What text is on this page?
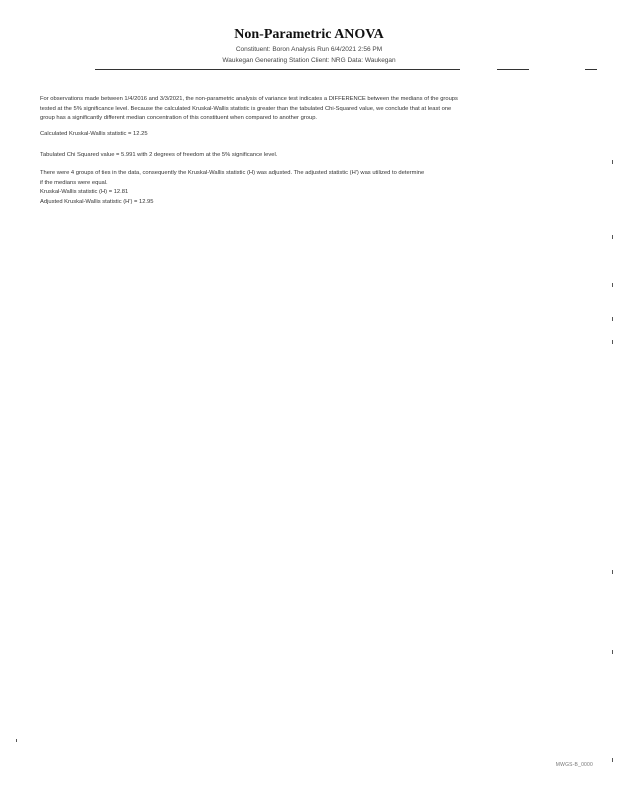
Non-Parametric ANOVA
Constituent: Boron Analysis Run 6/4/2021 2:56 PM
Waukegan Generating Station Client: NRG Data: Waukegan
For observations made between 1/4/2016 and 3/3/2021, the non-parametric analysis of variance test indicates a DIFFERENCE between the medians of the groups
tested at the 5% significance level. Because the calculated Kruskal-Wallis statistic is greater than the tabulated Chi-Squared value, we conclude that at least one
group has a significantly different median concentration of this constituent when compared to another group.
Calculated Kruskal-Wallis statistic = 12.25
Tabulated Chi Squared value = 5.991 with 2 degrees of freedom at the 5% significance level.
There were 4 groups of ties in the data, consequently the Kruskal-Wallis statistic (H) was adjusted. The adjusted statistic (H') was utilized to determine
if the medians were equal.
Kruskal-Wallis statistic (H) = 12.81
Adjusted Kruskal-Wallis statistic (H') = 12.95
MWGS-B_0000
